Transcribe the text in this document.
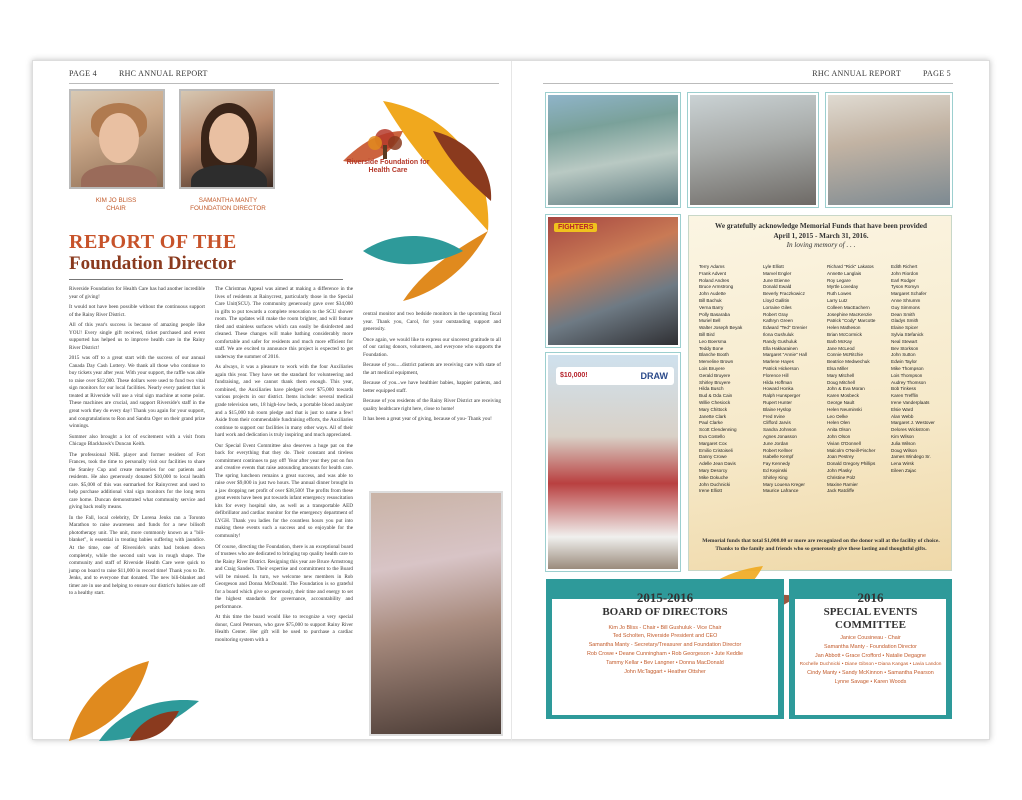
PAGE 4	RHC ANNUAL REPORT
KIM JO BLISS
CHAIR
SAMANTHA MANTY
FOUNDATION DIRECTOR
Riverside Foundation for Health Care
REPORT OF THE
Foundation Director

Riverside Foundation for Health Care has had another incredible year of giving!

It would not have been possible without the continuous support of the Rainy River District.

All of this year's success is because of amazing people like YOU! Every single gift received, ticket purchased and event supported has helped us to improve health care in the Rainy River District!

2015 was off to a great start with the success of our annual Canada Day Cash Lottery. We thank all those who continue to buy tickets year after year. With your support, the raffle was able to raise over $12,000. These dollars were used to fund two vital sign monitors for our local facilities. Nearly every patient that is treated at Riverside will use a vital sign machine at some point. These machines are crucial, and support Riverside's staff in the great work they do every day! Thank you again for your support, and congratulations to Ron and Sandra Oger on their grand prize winnings.

Summer also brought a lot of excitement with a visit from Chicago Blackhawk's Duncan Keith.

The professional NHL player and former resident of Fort Frances, took the time to personally visit our facilities to share the Stanley Cup and create memories for our patients and residents. He also generously donated $10,000 to local health care. $5,000 of this was earmarked for Rainycrest and used to help purchase additional vital sign monitors for the long term care home. Duncan demonstrated what community service and giving back really means.

In the Fall, local celebrity, Dr Lorena Jenks ran a Toronto Marathon to raise awareness and funds for a new bilisoft phototherapy unit. The unit, more commonly known as a "bili-blanket", is essential in treating babies suffering with jaundice. At the time, one of Riverside's units had broken down completely, while the second unit was in rough shape. The community and staff of Riverside Health Care were quick to jump on board to raise $11,000 in record time! Thank you to Dr. Jenks, and to everyone that donated. The new bili-blanket and timer are in use and helping to ensure our district's babies are off to a healthy start.

The Christmas Appeal was aimed at making a difference in the lives of residents at Rainycrest, particularly those in the Special Care Unit(SCU). The community generously gave over $34,000 in gifts to put towards a complete renovation to the SCU shower room. The updates will make the room brighter, and will feature tiled and stainless surfaces which can easily be disinfected and cleaned. These changes will make bathing considerably more comfortable and safer for residents and much more efficient for staff. We are excited to announce this project is expected to get underway the summer of 2016.

As always, it was a pleasure to work with the four Auxiliaries again this year. They have set the standard for volunteering and fundraising, and we cannot thank them enough. This year, combined, the Auxiliaries have pledged over $75,000 towards various projects in our district. Items include: several medical grade television sets, 18 high-low beds, a portable blood analyzer and a $15,000 tub room pledge and that is just to name a few! Aside from their commendable fundraising efforts, the Auxiliaries continue to support our facilities in many other ways. All of their hard work and dedication is truly inspiring and much appreciated.

Our Special Event Committee also deserves a huge pat on the back for everything that they do. Their constant and tireless commitment continues to pay off! Year after year they put on fun and creative events that raise astounding amounts for health care. The spring luncheon remains a great success, and was able to raise over $9,000 in just two hours. The annual dinner brought in a jaw dropping net profit of over $38,500! The profits from these great events have been put towards infant emergency resuscitation kits for every hospital site, as well as a transportable AED defibrillator and cardiac monitor for the emergency department of LYGH. Thank you ladies for the countless hours you put into making these events such a success and so enjoyable for the community!

Of course, directing the Foundation, there is an exceptional board of trustees who are dedicated to bringing top quality health care to the Rainy River District. Resigning this year are Bruce Armstrong and Craig Sanders. Their expertise and commitment to the Board will be missed. In turn, we welcome new members in Rob Georgeson and Donna McDonald. The Foundation is so grateful for a board which give so generously, their time and energy to set the highest standards for governance, accountability and performance.

At this time the board would like to recognize a very special donor, Carol Peterson, who gave $75,000 to support Rainy River Health Center. Her gift will be used to purchase a cardiac monitoring system with a

central monitor and two bedside monitors in the upcoming fiscal year. Thank you, Carol, for your outstanding support and generosity.

Once again, we would like to express our sincerest gratitude to all of our caring donors, volunteers, and everyone who supports the Foundation.

Because of you.....district patients are receiving care with state of the art medical equipment,

Because of you...we have healthier babies, happier patients, and better equipped staff.

Because of you residents of the Rainy River District are receiving quality healthcare right here, close to home!

It has been a great year of giving, because of you- Thank you!

RHC ANNUAL REPORT	PAGE 5
FIGHTERS
$10,000!	DRAW
We gratefully acknowledge Memorial Funds that have been provided
April 1, 2015 - March 31, 2016.
In loving memory of . . .
Terry Adams
Frank Advent
Roland Andres
Bruce Armstrong
John Audette
Bill Bachuk
Verna Barry
Polly Basaraba
Muriel Bell
Walter Joseph Beyak
Bill Bird
Leo Boersma
Teddy Bone
Blanche Booth
Merveline Brown
Lois Bruyere
Gerald Bruyere
Shirley Bruyere
Hilda Busch
Bud & Oda Cain
Willie Chesiock
Mary Chittock
Janette Clark
Paul Clarke
Scott Clendenning
Eva Costello
Margaret Cox
Emilio Cristoiseli
Danny Crowe
Adelle Jean Davis
Mary Desorcy
Mike Dokuche
John Duchnicki
Irene Elliott
Lyle Elliott
Marvel Engler
June Etienne
Donald Ewald
Beverly Fraczkowicz
Lloyd Gallitin
Lorraine Giles
Robert Gray
Kathryn Green
Edward "Ted" Grenier
Ilona Gushuluk
Randy Gushuluk
Ella Hakkarainen
Margaret "Annie" Hall
Marlene Hayes
Patrick Hickerson
Florence Hill
Hilda Hoffman
Howard Honka
Ralph Hunsperger
Rupert Hunter
Blaine Hyslop
Fred Irvine
Clifford Jarvis
Sandra Johnson
Agnes Jonasson
June Jordan
Robert Kellner
Isabelle Kempf
Fay Kennedy
Ed Kepinski
Shirley King
Mary Louena Kreger
Maurice Lafrance
Richard "Rick" Lakatos
Annette Langlais
Roy Legare
Myrtle Loveday
Ruth Lowes
Larry Lutz
Colleen MacEachern
Josephine MacKenzie
Patrick "Cody" Marcotte
Helen Matheson
Brian McCormick
Barb McKay
Jane McLeod
Connie McRitchie
Beatrice Medwechuk
Elsa Miller
Mary Mitchell
Doug Mitchell
John & Eva Moran
Karen Mosbeck
George Nault
Helen Neuminski
Leo Oelke
Helen Olen
Anita Olson
John Olson
Vivian O'Donnell
Malcolm O'Neill-Fischer
Joan Pestrey
Donald Gregory Phillips
John Plasky
Christine Polz
Maxine Ramier
Jack Ratcliffe
Edith Richert
John Riordon
Earl Rodger
Tyson Romyn
Margaret Schafer
Anne Shrumm
Guy Simmons
Dean Smith
Gladys Smith
Elaine Spicer
Sylvia Stefanick
Neal Stewart
Bev Storkson
John Sutton
Edwin Taylor
Mike Thompson
Lois Thompson
Audrey Thomson
Bob Tinkess
Karen Trefflin
Irene Vanderplaats
Elsie Ward
Alan Webb
Margaret J. Westover
Delores Wickstrom
Kim Wilson
Julia Wilson
Doug Wilson
James Windego Sr.
Lena Wirsk
Eileen Zajac
Memorial funds that total $1,000.00 or more are recognized on the donor wall at the facility of choice.
Thanks to the family and friends who so generously give these lasting and thoughtful gifts.
2015-2016
BOARD OF DIRECTORS
Kim Jo Bliss - Chair • Bill Gushuluk - Vice Chair
Ted Scholten, Riverside President and CEO
Samantha Manty - Secretary/Treasurer and Foundation Director
Rob Crowe • Deane Cunningham • Rob Georgeson • Jute Keddie
Tammy Kellar • Bev Langner • Donna MacDonald
John McTaggart • Heather Ottsher
2016
SPECIAL EVENTS
COMMITTEE
Janice Cousineau - Chair
Samantha Manty - Foundation Director
Jan Abbott • Grace Crofford • Natalie Degagne
Rochelle Duchnicki • Diane Gibson • Diana Kangas • Lavia Landon
Cindy Manty • Sandy McKinnon • Samantha Pearson
Lynne Savage • Karen Woods
